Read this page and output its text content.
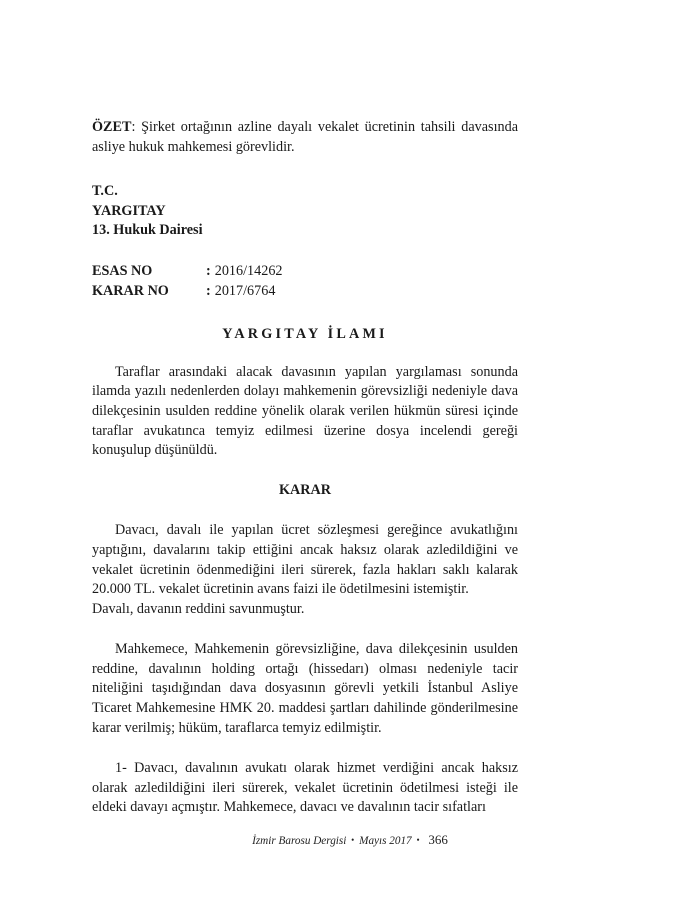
ÖZET: Şirket ortağının azline dayalı vekalet ücretinin tahsili davasında asliye hukuk mahkemesi görevlidir.

T.C.
YARGITAY
13. Hukuk Dairesi
ESAS NO	: 2016/14262
KARAR NO	: 2017/6764
YARGITAY İLAMI

Taraflar arasındaki alacak davasının yapılan yargılaması sonunda ilamda yazılı nedenlerden dolayı mahkemenin görevsizliği nedeniyle dava dilekçesinin usulden reddine yönelik olarak verilen hükmün süresi içinde taraflar avukatınca temyiz edilmesi üzerine dosya incelendi gereği konuşulup düşünüldü.

KARAR

Davacı, davalı ile yapılan ücret sözleşmesi gereğince avukatlığını yaptığını, davalarını takip ettiğini ancak haksız olarak azledildiğini ve vekalet ücretinin ödenmediğini ileri sürerek, fazla hakları saklı kalarak 20.000 TL. vekalet ücretinin avans faizi ile ödetilmesini istemiştir.

Davalı, davanın reddini savunmuştur.

Mahkemece, Mahkemenin görevsizliğine, dava dilekçesinin usulden reddine, davalının holding ortağı (hissedarı) olması nedeniyle tacir niteliğini taşıdığından dava dosyasının görevli yetkili İstanbul Asliye Ticaret Mahkemesine HMK 20. maddesi şartları dahilinde gönderilmesine karar verilmiş; hüküm, taraflarca temyiz edilmiştir.

1- Davacı, davalının avukatı olarak hizmet verdiğini ancak haksız olarak azledildiğini ileri sürerek, vekalet ücretinin ödetilmesi isteği ile eldeki davayı açmıştır. Mahkemece, davacı ve davalının tacir sıfatları

İzmir Barosu Dergisi • Mayıs 2017 • 366
